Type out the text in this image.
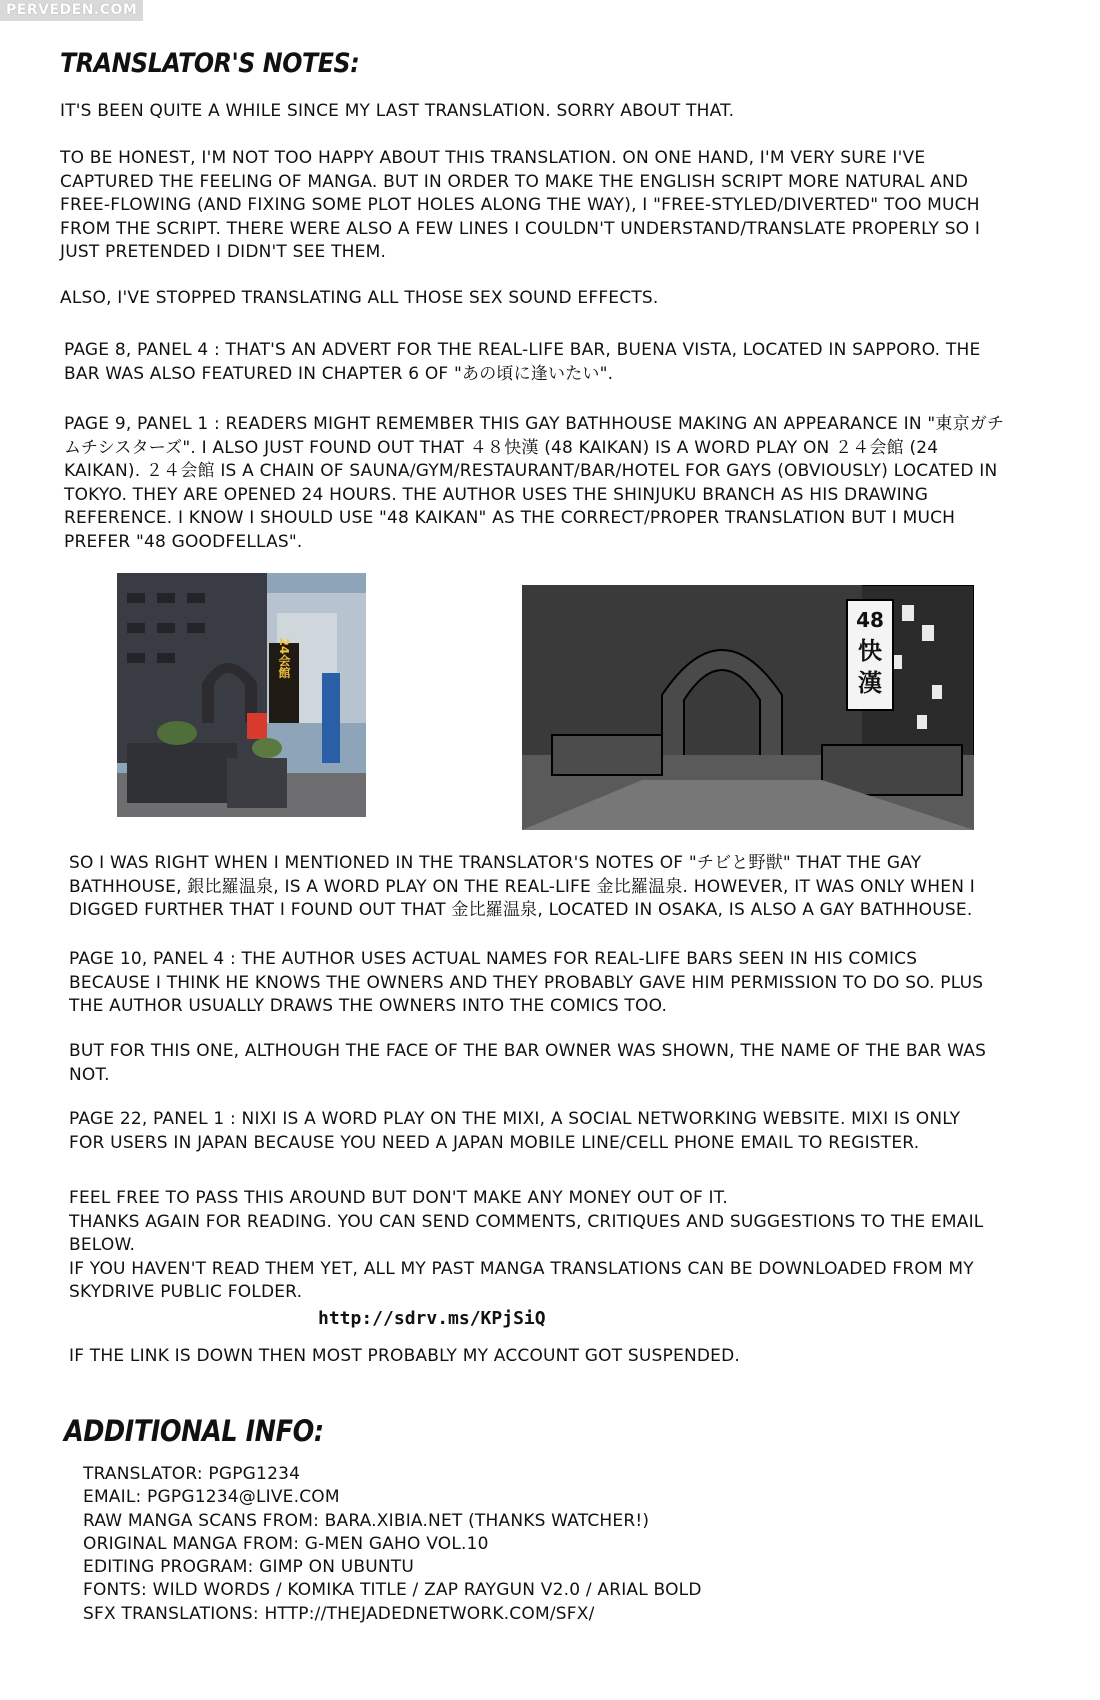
PERVEDEN.COM
TRANSLATOR'S NOTES:

IT'S BEEN QUITE A WHILE SINCE MY LAST TRANSLATION. SORRY ABOUT THAT.

TO BE HONEST, I'M NOT TOO HAPPY ABOUT THIS TRANSLATION. ON ONE HAND, I'M VERY SURE I'VE
CAPTURED THE FEELING OF MANGA. BUT IN ORDER TO MAKE THE ENGLISH SCRIPT MORE NATURAL AND
FREE-FLOWING (AND FIXING SOME PLOT HOLES ALONG THE WAY), I "FREE-STYLED/DIVERTED" TOO MUCH
FROM THE SCRIPT. THERE WERE ALSO A FEW LINES I COULDN'T UNDERSTAND/TRANSLATE PROPERLY SO I
JUST PRETENDED I DIDN'T SEE THEM.

ALSO, I'VE STOPPED TRANSLATING ALL THOSE SEX SOUND EFFECTS.

PAGE 8, PANEL 4 : THAT'S AN ADVERT FOR THE REAL-LIFE BAR, BUENA VISTA, LOCATED IN SAPPORO. THE
BAR WAS ALSO FEATURED IN CHAPTER 6 OF "あの頃に逢いたい".

PAGE 9, PANEL 1 : READERS MIGHT REMEMBER THIS GAY BATHHOUSE MAKING AN APPEARANCE IN "東京ガチ
ムチシスターズ". I ALSO JUST FOUND OUT THAT ４８快漢 (48 KAIKAN) IS A WORD PLAY ON ２４会館 (24
KAIKAN). ２４会館 IS A CHAIN OF SAUNA/GYM/RESTAURANT/BAR/HOTEL FOR GAYS (OBVIOUSLY) LOCATED IN
TOKYO. THEY ARE OPENED 24 HOURS. THE AUTHOR USES THE SHINJUKU BRANCH AS HIS DRAWING
REFERENCE. I KNOW I SHOULD USE "48 KAIKAN" AS THE CORRECT/PROPER TRANSLATION BUT I MUCH
PREFER "48 GOODFELLAS".

24会館
48
快
漢

SO I WAS RIGHT WHEN I MENTIONED IN THE TRANSLATOR'S NOTES OF "チビと野獣" THAT THE GAY
BATHHOUSE, 銀比羅温泉, IS A WORD PLAY ON THE REAL-LIFE 金比羅温泉. HOWEVER, IT WAS ONLY WHEN I
DIGGED FURTHER THAT I FOUND OUT THAT 金比羅温泉, LOCATED IN OSAKA, IS ALSO A GAY BATHHOUSE.

PAGE 10, PANEL 4 : THE AUTHOR USES ACTUAL NAMES FOR REAL-LIFE BARS SEEN IN HIS COMICS
BECAUSE I THINK HE KNOWS THE OWNERS AND THEY PROBABLY GAVE HIM PERMISSION TO DO SO. PLUS
THE AUTHOR USUALLY DRAWS THE OWNERS INTO THE COMICS TOO.

BUT FOR THIS ONE, ALTHOUGH THE FACE OF THE BAR OWNER WAS SHOWN, THE NAME OF THE BAR WAS
NOT.

PAGE 22, PANEL 1 : NIXI IS A WORD PLAY ON THE MIXI, A SOCIAL NETWORKING WEBSITE. MIXI IS ONLY
FOR USERS IN JAPAN BECAUSE YOU NEED A JAPAN MOBILE LINE/CELL PHONE EMAIL TO REGISTER.

FEEL FREE TO PASS THIS AROUND BUT DON'T MAKE ANY MONEY OUT OF IT.
THANKS AGAIN FOR READING. YOU CAN SEND COMMENTS, CRITIQUES AND SUGGESTIONS TO THE EMAIL
BELOW.
IF YOU HAVEN'T READ THEM YET, ALL MY PAST MANGA TRANSLATIONS CAN BE DOWNLOADED FROM MY
SKYDRIVE PUBLIC FOLDER.

http://sdrv.ms/KPjSiQ

IF THE LINK IS DOWN THEN MOST PROBABLY MY ACCOUNT GOT SUSPENDED.

ADDITIONAL INFO:
TRANSLATOR: PGPG1234
EMAIL: PGPG1234@LIVE.COM
RAW MANGA SCANS FROM: BARA.XIBIA.NET (THANKS WATCHER!)
ORIGINAL MANGA FROM: G-MEN GAHO VOL.10
EDITING PROGRAM: GIMP ON UBUNTU
FONTS: WILD WORDS / KOMIKA TITLE / ZAP RAYGUN V2.0 / ARIAL BOLD
SFX TRANSLATIONS: HTTP://THEJADEDNETWORK.COM/SFX/
